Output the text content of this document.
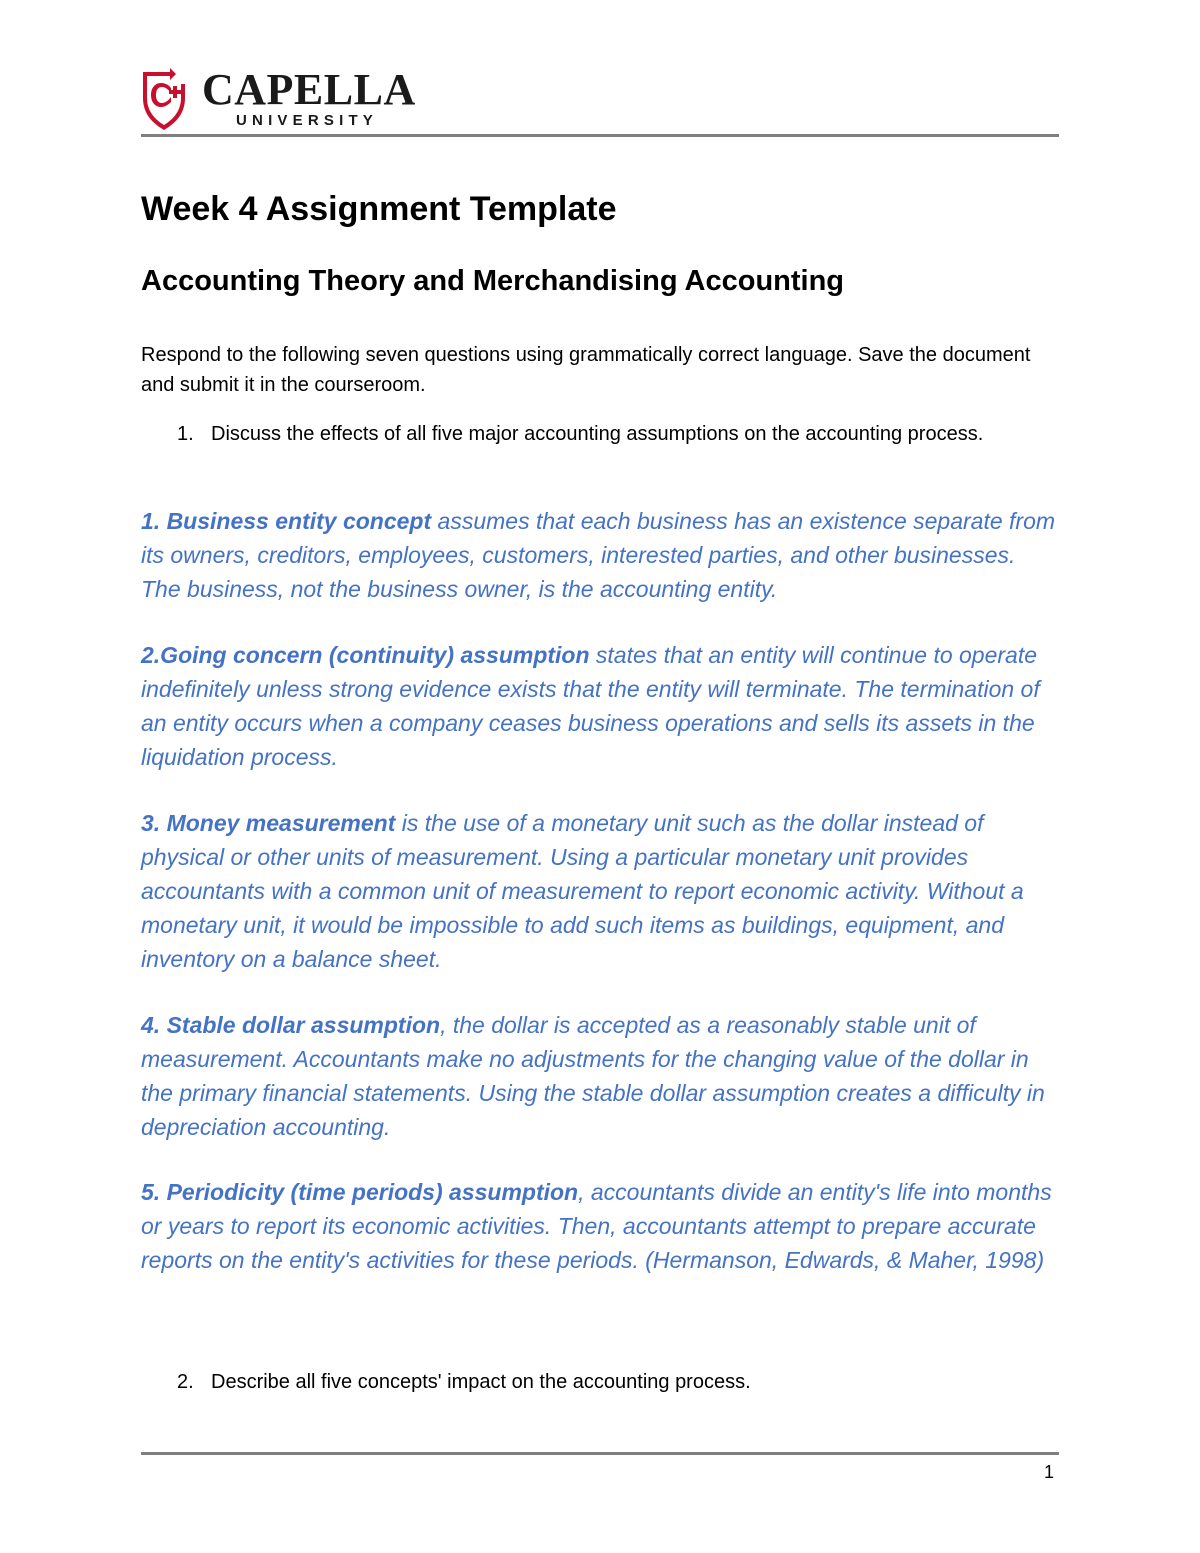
CAPELLA
UNIVERSITY
Week 4 Assignment Template
Accounting Theory and Merchandising Accounting

Respond to the following seven questions using grammatically correct language. Save the document and submit it in the courseroom.

1. Discuss the effects of all five major accounting assumptions on the accounting process.

1. Business entity concept assumes that each business has an existence separate from its owners, creditors, employees, customers, interested parties, and other businesses. The business, not the business owner, is the accounting entity.

2.Going concern (continuity) assumption states that an entity will continue to operate indefinitely unless strong evidence exists that the entity will terminate. The termination of an entity occurs when a company ceases business operations and sells its assets in the liquidation process.

3. Money measurement is the use of a monetary unit such as the dollar instead of physical or other units of measurement. Using a particular monetary unit provides accountants with a common unit of measurement to report economic activity. Without a monetary unit, it would be impossible to add such items as buildings, equipment, and inventory on a balance sheet.

4. Stable dollar assumption, the dollar is accepted as a reasonably stable unit of measurement. Accountants make no adjustments for the changing value of the dollar in the primary financial statements. Using the stable dollar assumption creates a difficulty in depreciation accounting.

5. Periodicity (time periods) assumption, accountants divide an entity's life into months or years to report its economic activities. Then, accountants attempt to prepare accurate reports on the entity's activities for these periods. (Hermanson, Edwards, & Maher, 1998)

2. Describe all five concepts' impact on the accounting process.
1
